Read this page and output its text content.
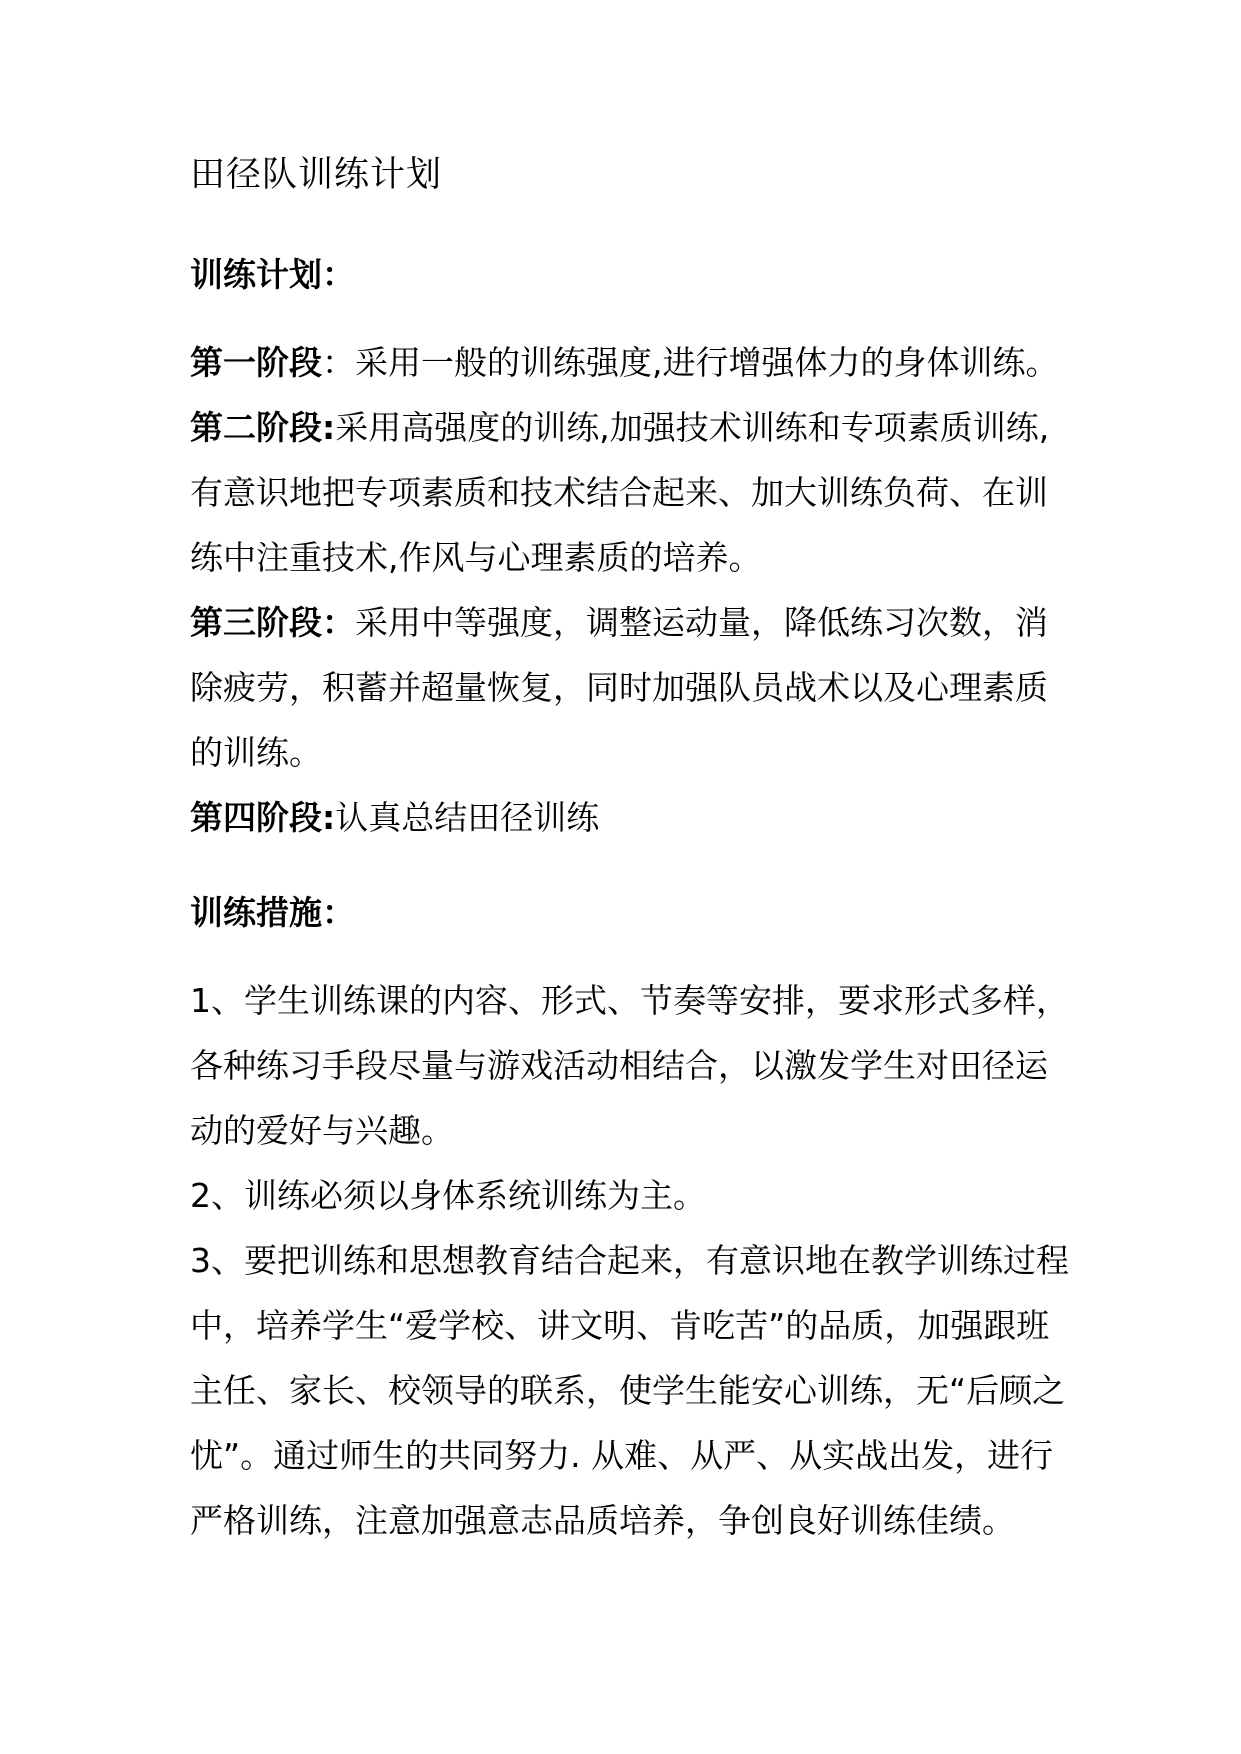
田径队训练计划
训练计划：

第一阶段：采用一般的训练强度,进行增强体力的身体训练。

第二阶段:采用高强度的训练,加强技术训练和专项素质训练,有意识地把专项素质和技术结合起来、加大训练负荷、在训练中注重技术,作风与心理素质的培养。

第三阶段：采用中等强度，调整运动量，降低练习次数，消除疲劳，积蓄并超量恢复，同时加强队员战术以及心理素质的训练。

第四阶段:认真总结田径训练

训练措施：

1、学生训练课的内容、形式、节奏等安排，要求形式多样，各种练习手段尽量与游戏活动相结合，以激发学生对田径运动的爱好与兴趣。

2、训练必须以身体系统训练为主。

3、要把训练和思想教育结合起来，有意识地在教学训练过程中，培养学生“爱学校、讲文明、肯吃苦”的品质，加强跟班主任、家长、校领导的联系，使学生能安心训练，无“后顾之忧”。通过师生的共同努力. 从难、从严、从实战出发，进行严格训练，注意加强意志品质培养，争创良好训练佳绩。
